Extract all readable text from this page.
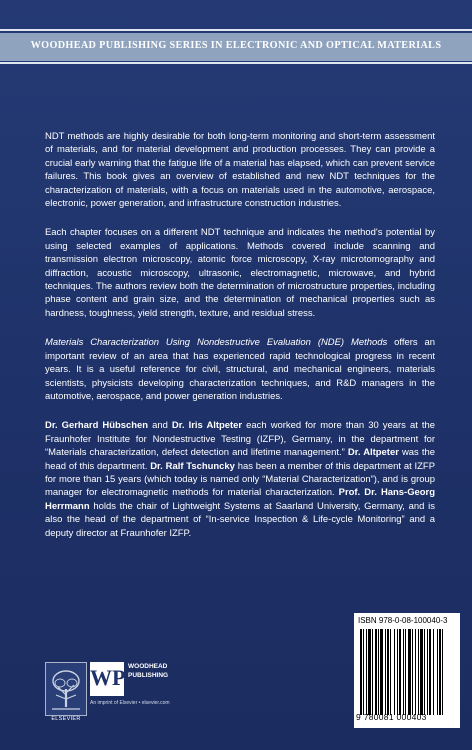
WOODHEAD PUBLISHING SERIES IN ELECTRONIC AND OPTICAL MATERIALS

NDT methods are highly desirable for both long-term monitoring and short-term assessment of materials, and for material development and production processes. They can provide a crucial early warning that the fatigue life of a material has elapsed, which can prevent service failures. This book gives an overview of established and new NDT techniques for the characterization of materials, with a focus on materials used in the automotive, aerospace, electronic, power generation, and infrastructure construction industries.

Each chapter focuses on a different NDT technique and indicates the method's potential by using selected examples of applications. Methods covered include scanning and transmission electron microscopy, atomic force microscopy, X-ray microtomography and diffraction, acoustic microscopy, ultrasonic, electromagnetic, microwave, and hybrid techniques. The authors review both the determination of microstructure properties, including phase content and grain size, and the determination of mechanical properties such as hardness, toughness, yield strength, texture, and residual stress.

Materials Characterization Using Nondestructive Evaluation (NDE) Methods offers an important review of an area that has experienced rapid technological progress in recent years. It is a useful reference for civil, structural, and mechanical engineers, materials scientists, physicists developing characterization techniques, and R&D managers in the automotive, aerospace, and power generation industries.

Dr. Gerhard Hübschen and Dr. Iris Altpeter each worked for more than 30 years at the Fraunhofer Institute for Nondestructive Testing (IZFP), Germany, in the department for “Materials characterization, defect detection and lifetime management.” Dr. Altpeter was the head of this department. Dr. Ralf Tschuncky has been a member of this department at IZFP for more than 15 years (which today is named only “Material Characterization”), and is group manager for electromagnetic methods for material characterization. Prof. Dr. Hans-Georg Herrmann holds the chair of Lightweight Systems at Saarland University, Germany, and is also the head of the department of “In-service Inspection & Life-cycle Monitoring” and a deputy director at Fraunhofer IZFP.

ELSEVIER
WP WOODHEAD
PUBLISHING
An imprint of Elsevier • elsevier.com
ISBN 978-0-08-100040-3
9 780081 000403
